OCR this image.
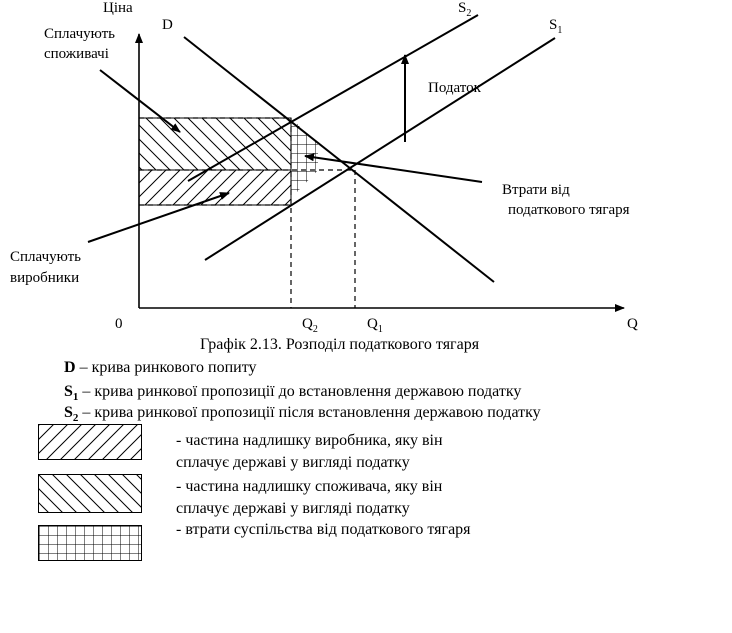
Ціна
D
$S_2$
$S_1$
Сплачують
споживачі
Податок
Втрати від
податкового тягаря
Сплачують
виробники
0	$Q_2$	$Q_1$	Q
Графік 2.13. Розподіл податкового тягаря
D – крива ринкового попиту
$S_1$ – крива ринкової пропозиції до встановлення державою податку
$S_2$ – крива ринкової пропозиції після встановлення державою податку
- частина надлишку виробника, яку він
сплачує державі у вигляді податку
- частина надлишку споживача, яку він
сплачує державі у вигляді податку
- втрати суспільства від податкового тягаря
